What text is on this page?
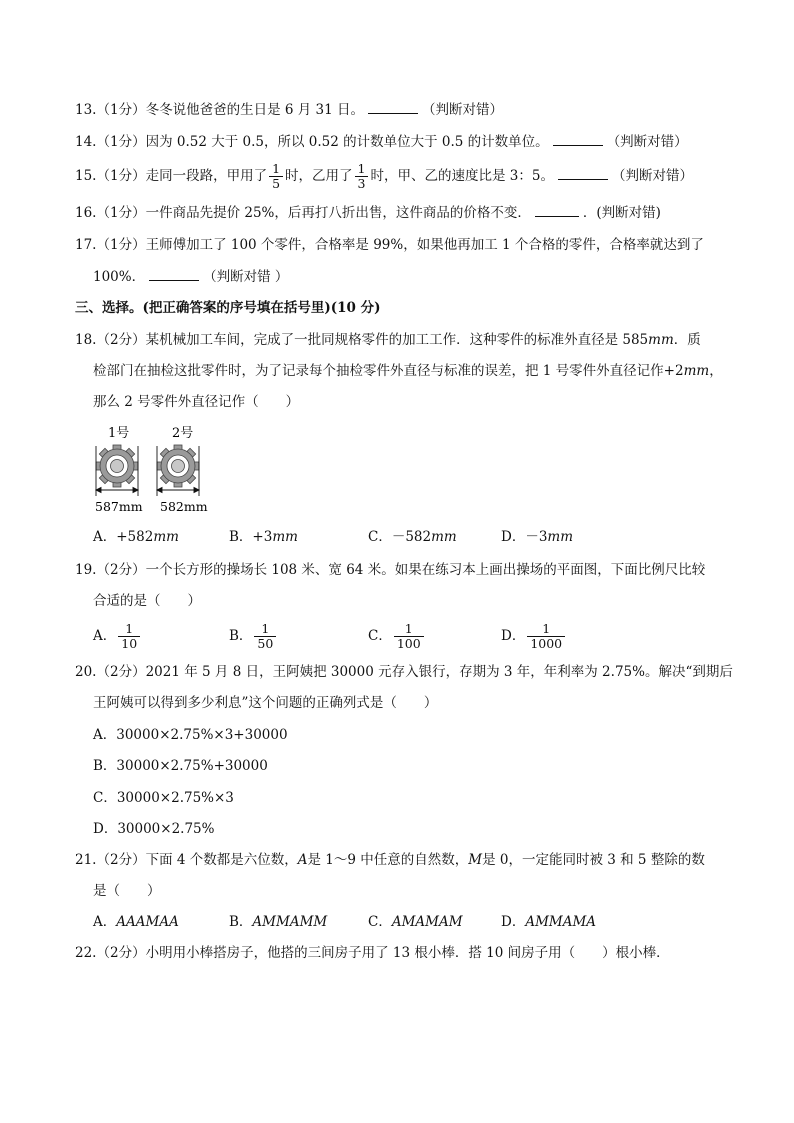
13.（1分）冬冬说他爸爸的生日是 6 月 31 日。	（判断对错）
14.（1分）因为 0.52 大于 0.5，所以 0.52 的计数单位大于 0.5 的计数单位。	（判断对错）
15.（1分）走同一段路，甲用了 $\frac{1}{5}$ 时，乙用了 $\frac{1}{3}$ 时，甲、乙的速度比是 3：5。	（判断对错）
16.（1分）一件商品先提价 25%，后再打八折出售，这件商品的价格不变．	．(判断对错)
17.（1分）王师傅加工了 100 个零件，合格率是 99%，如果他再加工 1 个合格的零件，合格率就达到了
100%．	（判断对错 ）
三、选择。(把正确答案的序号填在括号里)(10 分)
18.（2分）某机械加工车间，完成了一批同规格零件的加工工作．这种零件的标准外直径是 585mm．质
检部门在抽检这批零件时，为了记录每个抽检零件外直径与标准的误差，把 1 号零件外直径记作+2mm，
那么 2 号零件外直径记作（　　）
1号	2号
587mm 582mm
A．+582mm	B．+3mm	C．－582mm	D．－3mm
19.（2分）一个长方形的操场长 108 米、宽 64 米。如果在练习本上画出操场的平面图，下面比例尺比较
合适的是（　　）
A． $\frac{1}{10}$	B． $\frac{1}{50}$	C． $\frac{1}{100}$	D． $\frac{1}{1000}$
20.（2分）2021 年 5 月 8 日，王阿姨把 30000 元存入银行，存期为 3 年，年利率为 2.75%。解决“到期后
王阿姨可以得到多少利息”这个问题的正确列式是（　　）
A．30000×2.75%×3+30000
B．30000×2.75%+30000
C．30000×2.75%×3
D．30000×2.75%
21.（2分）下面 4 个数都是六位数，A是 1～9 中任意的自然数，M是 0，一定能同时被 3 和 5 整除的数
是（　　）
A．AAAMAA	B．AMMAMM	C．AMAMAM	D．AMMAMA
22.（2分）小明用小棒搭房子，他搭的三间房子用了 13 根小棒．搭 10 间房子用（　　）根小棒．
